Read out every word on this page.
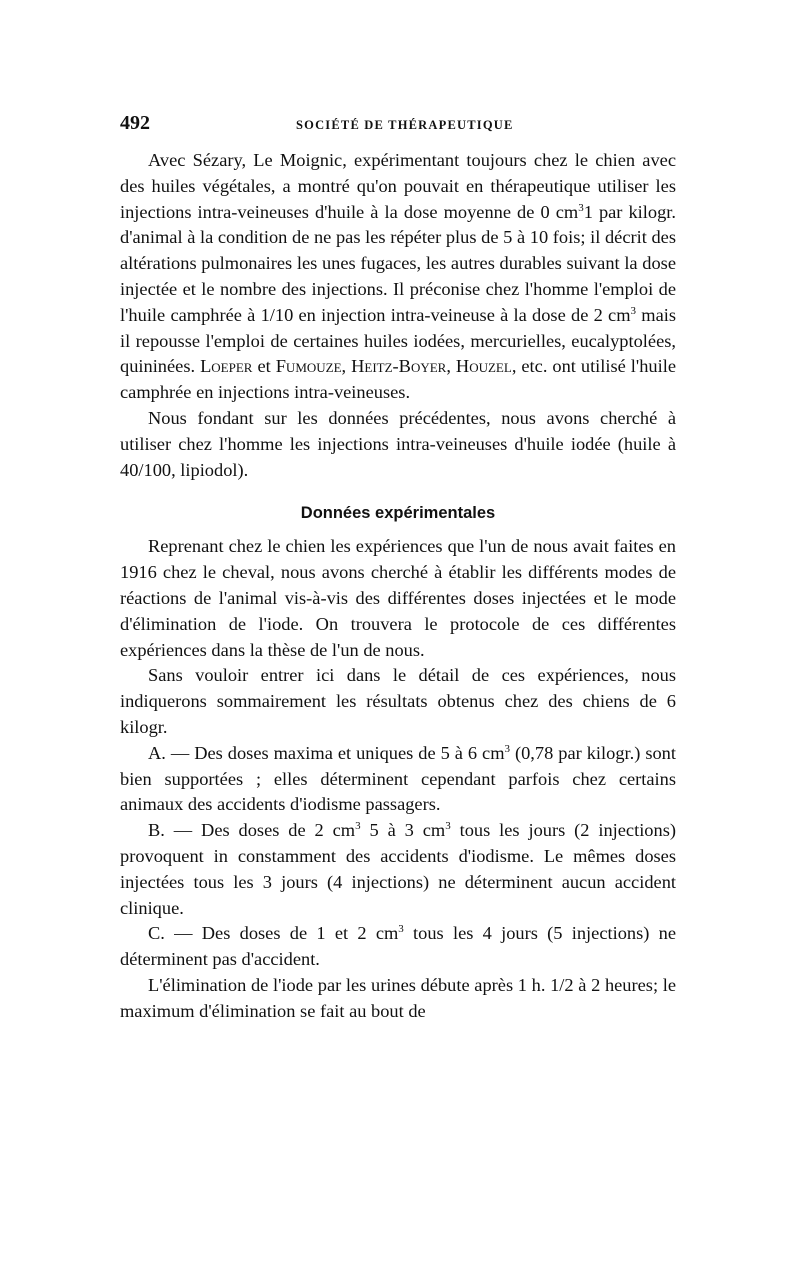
492	SOCIÉTÉ DE THÉRAPEUTIQUE

Avec Sézary, Le Moignic, expérimentant toujours chez le chien avec des huiles végétales, a montré qu'on pouvait en thérapeutique utiliser les injections intra-veineuses d'huile à la dose moyenne de 0 $cm^31$ par kilogr. d'animal à la condition de ne pas les répéter plus de 5 à 10 fois; il décrit des altérations pulmonaires les unes fugaces, les autres durables suivant la dose injectée et le nombre des injections. Il préconise chez l'homme l'emploi de l'huile camphrée à 1/10 en injection intra-veineuse à la dose de 2 $cm^3$ mais il repousse l'emploi de certaines huiles iodées, mercurielles, eucalyptolées, quininées. Loeper et Fumouze, Heitz-Boyer, Houzel, etc. ont utilisé l'huile camphrée en injections intra-veineuses.

Nous fondant sur les données précédentes, nous avons cherché à utiliser chez l'homme les injections intra-veineuses d'huile iodée (huile à 40/100, lipiodol).

Données expérimentales

Reprenant chez le chien les expériences que l'un de nous avait faites en 1916 chez le cheval, nous avons cherché à établir les différents modes de réactions de l'animal vis-à-vis des différentes doses injectées et le mode d'élimination de l'iode. On trouvera le protocole de ces différentes expériences dans la thèse de l'un de nous.

Sans vouloir entrer ici dans le détail de ces expériences, nous indiquerons sommairement les résultats obtenus chez des chiens de 6 kilogr.

A. — Des doses maxima et uniques de 5 à 6 $cm^3$ (0,78 par kilogr.) sont bien supportées ; elles déterminent cependant parfois chez certains animaux des accidents d'iodisme passagers.

B. — Des doses de 2 $cm^3$ 5 à 3 $cm^3$ tous les jours (2 injections) provoquent in constamment des accidents d'iodisme. Le mêmes doses injectées tous les 3 jours (4 injections) ne déterminent aucun accident clinique.

C. — Des doses de 1 et 2 $cm^3$ tous les 4 jours (5 injections) ne déterminent pas d'accident.

L'élimination de l'iode par les urines débute après 1 h. 1/2 à 2 heures; le maximum d'élimination se fait au bout de
